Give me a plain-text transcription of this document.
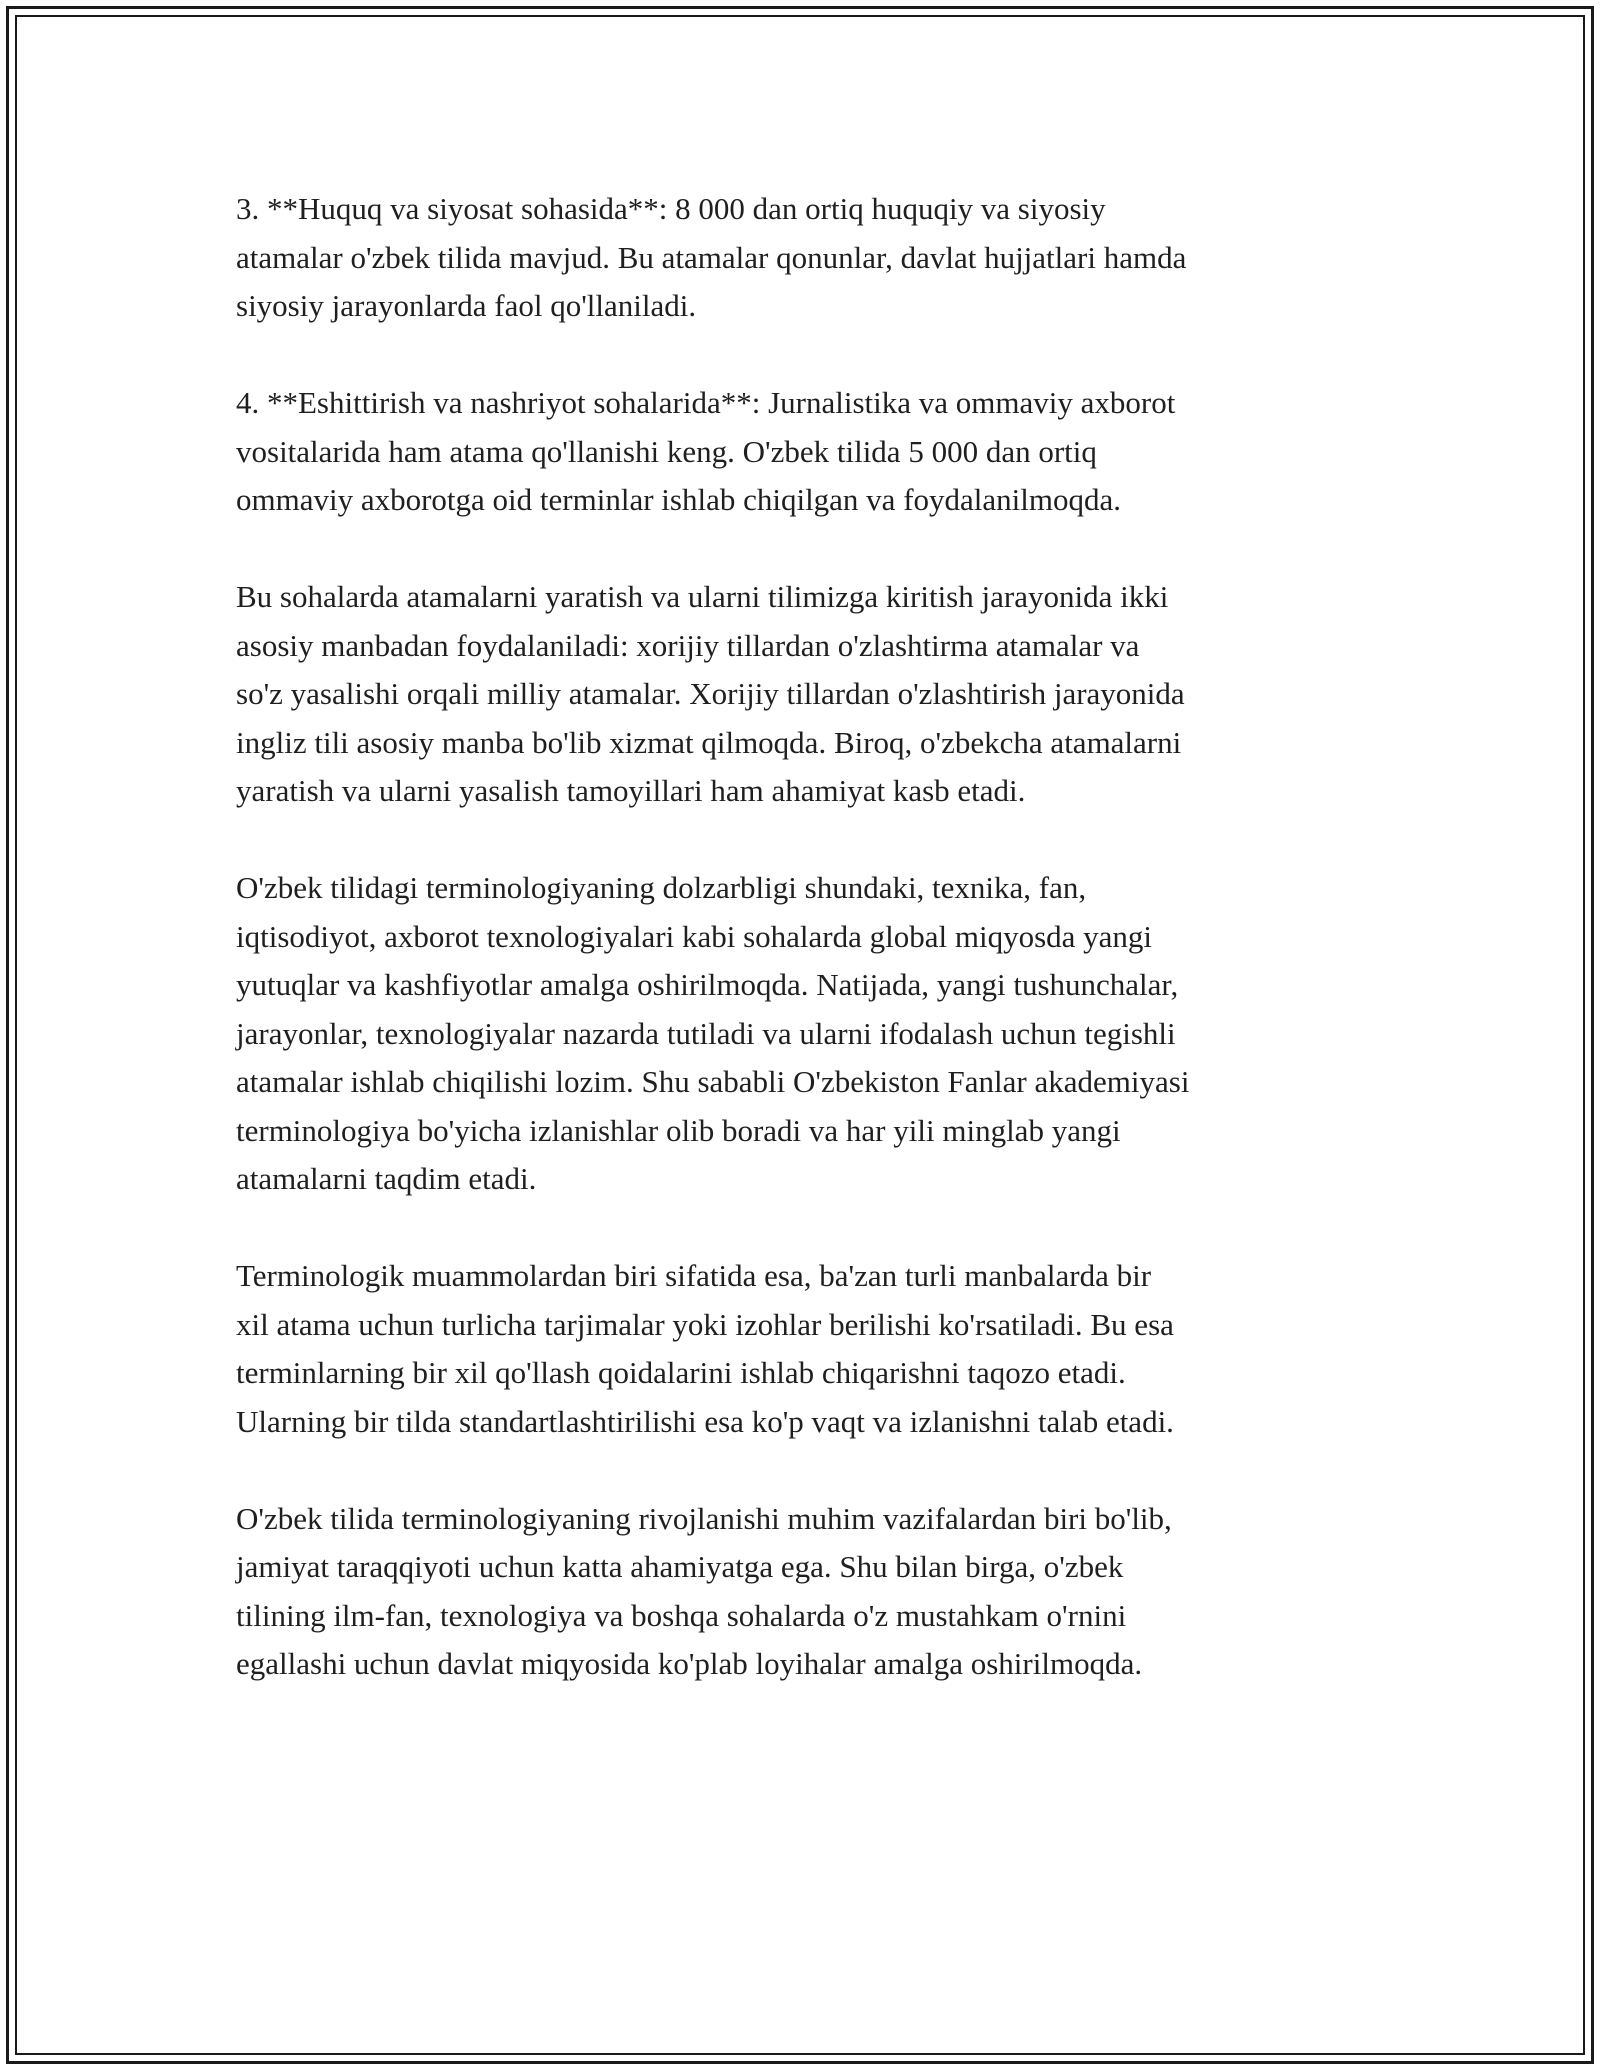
3. **Huquq va siyosat sohasida**: 8 000 dan ortiq huquqiy va siyosiy
atamalar o'zbek tilida mavjud. Bu atamalar qonunlar, davlat hujjatlari hamda
siyosiy jarayonlarda faol qo'llaniladi.

4. **Eshittirish va nashriyot sohalarida**: Jurnalistika va ommaviy axborot
vositalarida ham atama qo'llanishi keng. O'zbek tilida 5 000 dan ortiq
ommaviy axborotga oid terminlar ishlab chiqilgan va foydalanilmoqda.

Bu sohalarda atamalarni yaratish va ularni tilimizga kiritish jarayonida ikki
asosiy manbadan foydalaniladi: xorijiy tillardan o'zlashtirma atamalar va
so'z yasalishi orqali milliy atamalar. Xorijiy tillardan o'zlashtirish jarayonida
ingliz tili asosiy manba bo'lib xizmat qilmoqda. Biroq, o'zbekcha atamalarni
yaratish va ularni yasalish tamoyillari ham ahamiyat kasb etadi.

O'zbek tilidagi terminologiyaning dolzarbligi shundaki, texnika, fan,
iqtisodiyot, axborot texnologiyalari kabi sohalarda global miqyosda yangi
yutuqlar va kashfiyotlar amalga oshirilmoqda. Natijada, yangi tushunchalar,
jarayonlar, texnologiyalar nazarda tutiladi va ularni ifodalash uchun tegishli
atamalar ishlab chiqilishi lozim. Shu sababli O'zbekiston Fanlar akademiyasi
terminologiya bo'yicha izlanishlar olib boradi va har yili minglab yangi
atamalarni taqdim etadi.

Terminologik muammolardan biri sifatida esa, ba'zan turli manbalarda bir
xil atama uchun turlicha tarjimalar yoki izohlar berilishi ko'rsatiladi. Bu esa
terminlarning bir xil qo'llash qoidalarini ishlab chiqarishni taqozo etadi.
Ularning bir tilda standartlashtirilishi esa ko'p vaqt va izlanishni talab etadi.

O'zbek tilida terminologiyaning rivojlanishi muhim vazifalardan biri bo'lib,
jamiyat taraqqiyoti uchun katta ahamiyatga ega. Shu bilan birga, o'zbek
tilining ilm-fan, texnologiya va boshqa sohalarda o'z mustahkam o'rnini
egallashi uchun davlat miqyosida ko'plab loyihalar amalga oshirilmoqda.
